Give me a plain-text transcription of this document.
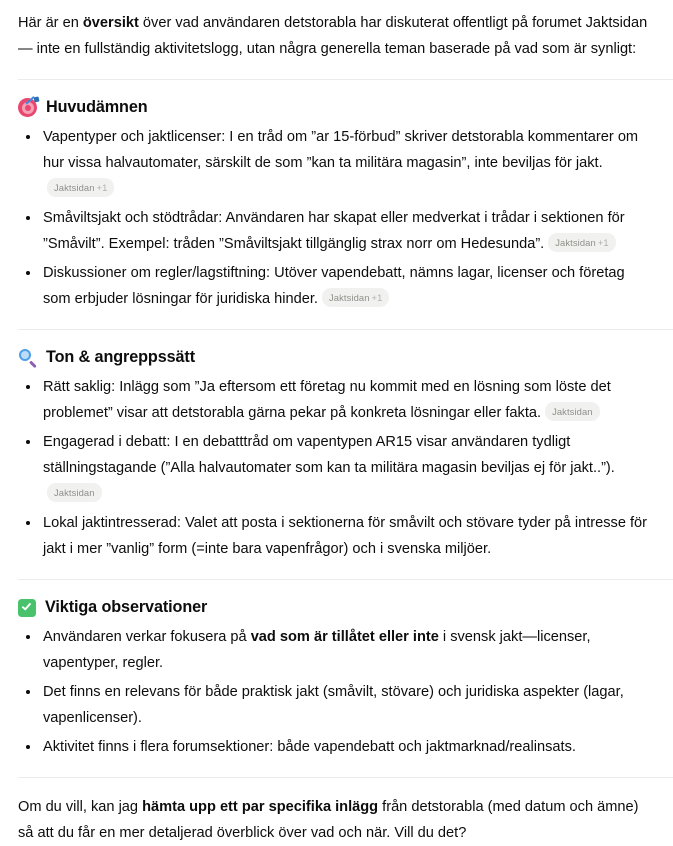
Här är en översikt över vad användaren detstorabla har diskuterat offentligt på forumet Jaktsidan — inte en fullständig aktivitetslogg, utan några generella teman baserade på vad som är synligt:

Huvudämnen
Vapentyper och jaktlicenser: I en tråd om ”ar 15-förbud” skriver detstorabla kommentarer om hur vissa halvautomater, särskilt de som ”kan ta militära magasin”, inte beviljas för jakt.Jaktsidan +1
Småviltsjakt och stödtrådar: Användaren har skapat eller medverkat i trådar i sektionen för ”Småvilt”. Exempel: tråden ”Småviltsjakt tillgänglig strax norr om Hedesunda”. Jaktsidan +1
Diskussioner om regler/lagstiftning: Utöver vapendebatt, nämns lagar, licenser och företag som erbjuder lösningar för juridiska hinder. Jaktsidan +1
Ton & angreppssätt
Rätt saklig: Inlägg som ”Ja eftersom ett företag nu kommit med en lösning som löste det problemet” visar att detstorabla gärna pekar på konkreta lösningar eller fakta. Jaktsidan
Engagerad i debatt: I en debatttråd om vapentypen AR15 visar användaren tydligt ställningstagande (”Alla halvautomater som kan ta militära magasin beviljas ej för jakt..”).Jaktsidan
Lokal jaktintresserad: Valet att posta i sektionerna för småvilt och stövare tyder på intresse för jakt i mer ”vanlig” form (=inte bara vapenfrågor) och i svenska miljöer.
Viktiga observationer
Användaren verkar fokusera på vad som är tillåtet eller inte i svensk jakt—licenser, vapentyper, regler.
Det finns en relevans för både praktisk jakt (småvilt, stövare) och juridiska aspekter (lagar, vapenlicenser).
Aktivitet finns i flera forumsektioner: både vapendebatt och jaktmarknad/realinsats.

Om du vill, kan jag hämta upp ett par specifika inlägg från detstorabla (med datum och ämne) så att du får en mer detaljerad överblick över vad och när. Vill du det?
